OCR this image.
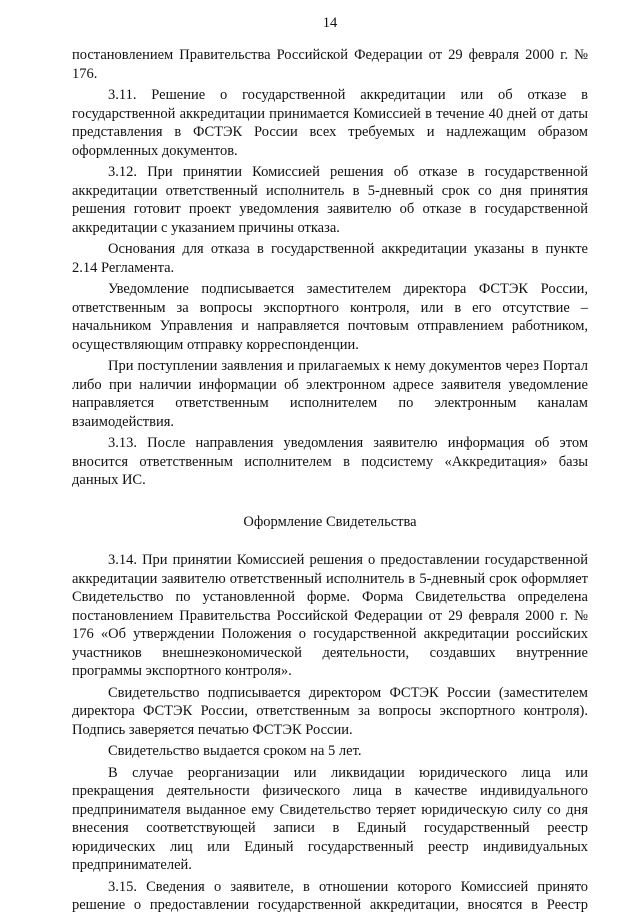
14

постановлением Правительства Российской Федерации от 29 февраля 2000 г. № 176.

3.11. Решение о государственной аккредитации или об отказе в государственной аккредитации принимается Комиссией в течение 40 дней от даты представления в ФСТЭК России всех требуемых и надлежащим образом оформленных документов.

3.12. При принятии Комиссией решения об отказе в государственной аккредитации ответственный исполнитель в 5-дневный срок со дня принятия решения готовит проект уведомления заявителю об отказе в государственной аккредитации с указанием причины отказа.

Основания для отказа в государственной аккредитации указаны в пункте 2.14 Регламента.

Уведомление подписывается заместителем директора ФСТЭК России, ответственным за вопросы экспортного контроля, или в его отсутствие – начальником Управления и направляется почтовым отправлением работником, осуществляющим отправку корреспонденции.

При поступлении заявления и прилагаемых к нему документов через Портал либо при наличии информации об электронном адресе заявителя уведомление направляется ответственным исполнителем по электронным каналам взаимодействия.

3.13. После направления уведомления заявителю информация об этом вносится ответственным исполнителем в подсистему «Аккредитация» базы данных ИС.

Оформление Свидетельства

3.14. При принятии Комиссией решения о предоставлении государственной аккредитации заявителю ответственный исполнитель в 5-дневный срок оформляет Свидетельство по установленной форме. Форма Свидетельства определена постановлением Правительства Российской Федерации от 29 февраля 2000 г. № 176 «Об утверждении Положения о государственной аккредитации российских участников внешнеэкономической деятельности, создавших внутренние программы экспортного контроля».

Свидетельство подписывается директором ФСТЭК России (заместителем директора ФСТЭК России, ответственным за вопросы экспортного контроля). Подпись заверяется печатью ФСТЭК России.

Свидетельство выдается сроком на 5 лет.

В случае реорганизации или ликвидации юридического лица или прекращения деятельности физического лица в качестве индивидуального предпринимателя выданное ему Свидетельство теряет юридическую силу со дня внесения соответствующей записи в Единый государственный реестр юридических лиц или Единый государственный реестр индивидуальных предпринимателей.

3.15. Сведения о заявителе, в отношении которого Комиссией принято решение о предоставлении государственной аккредитации, вносятся в Реестр
